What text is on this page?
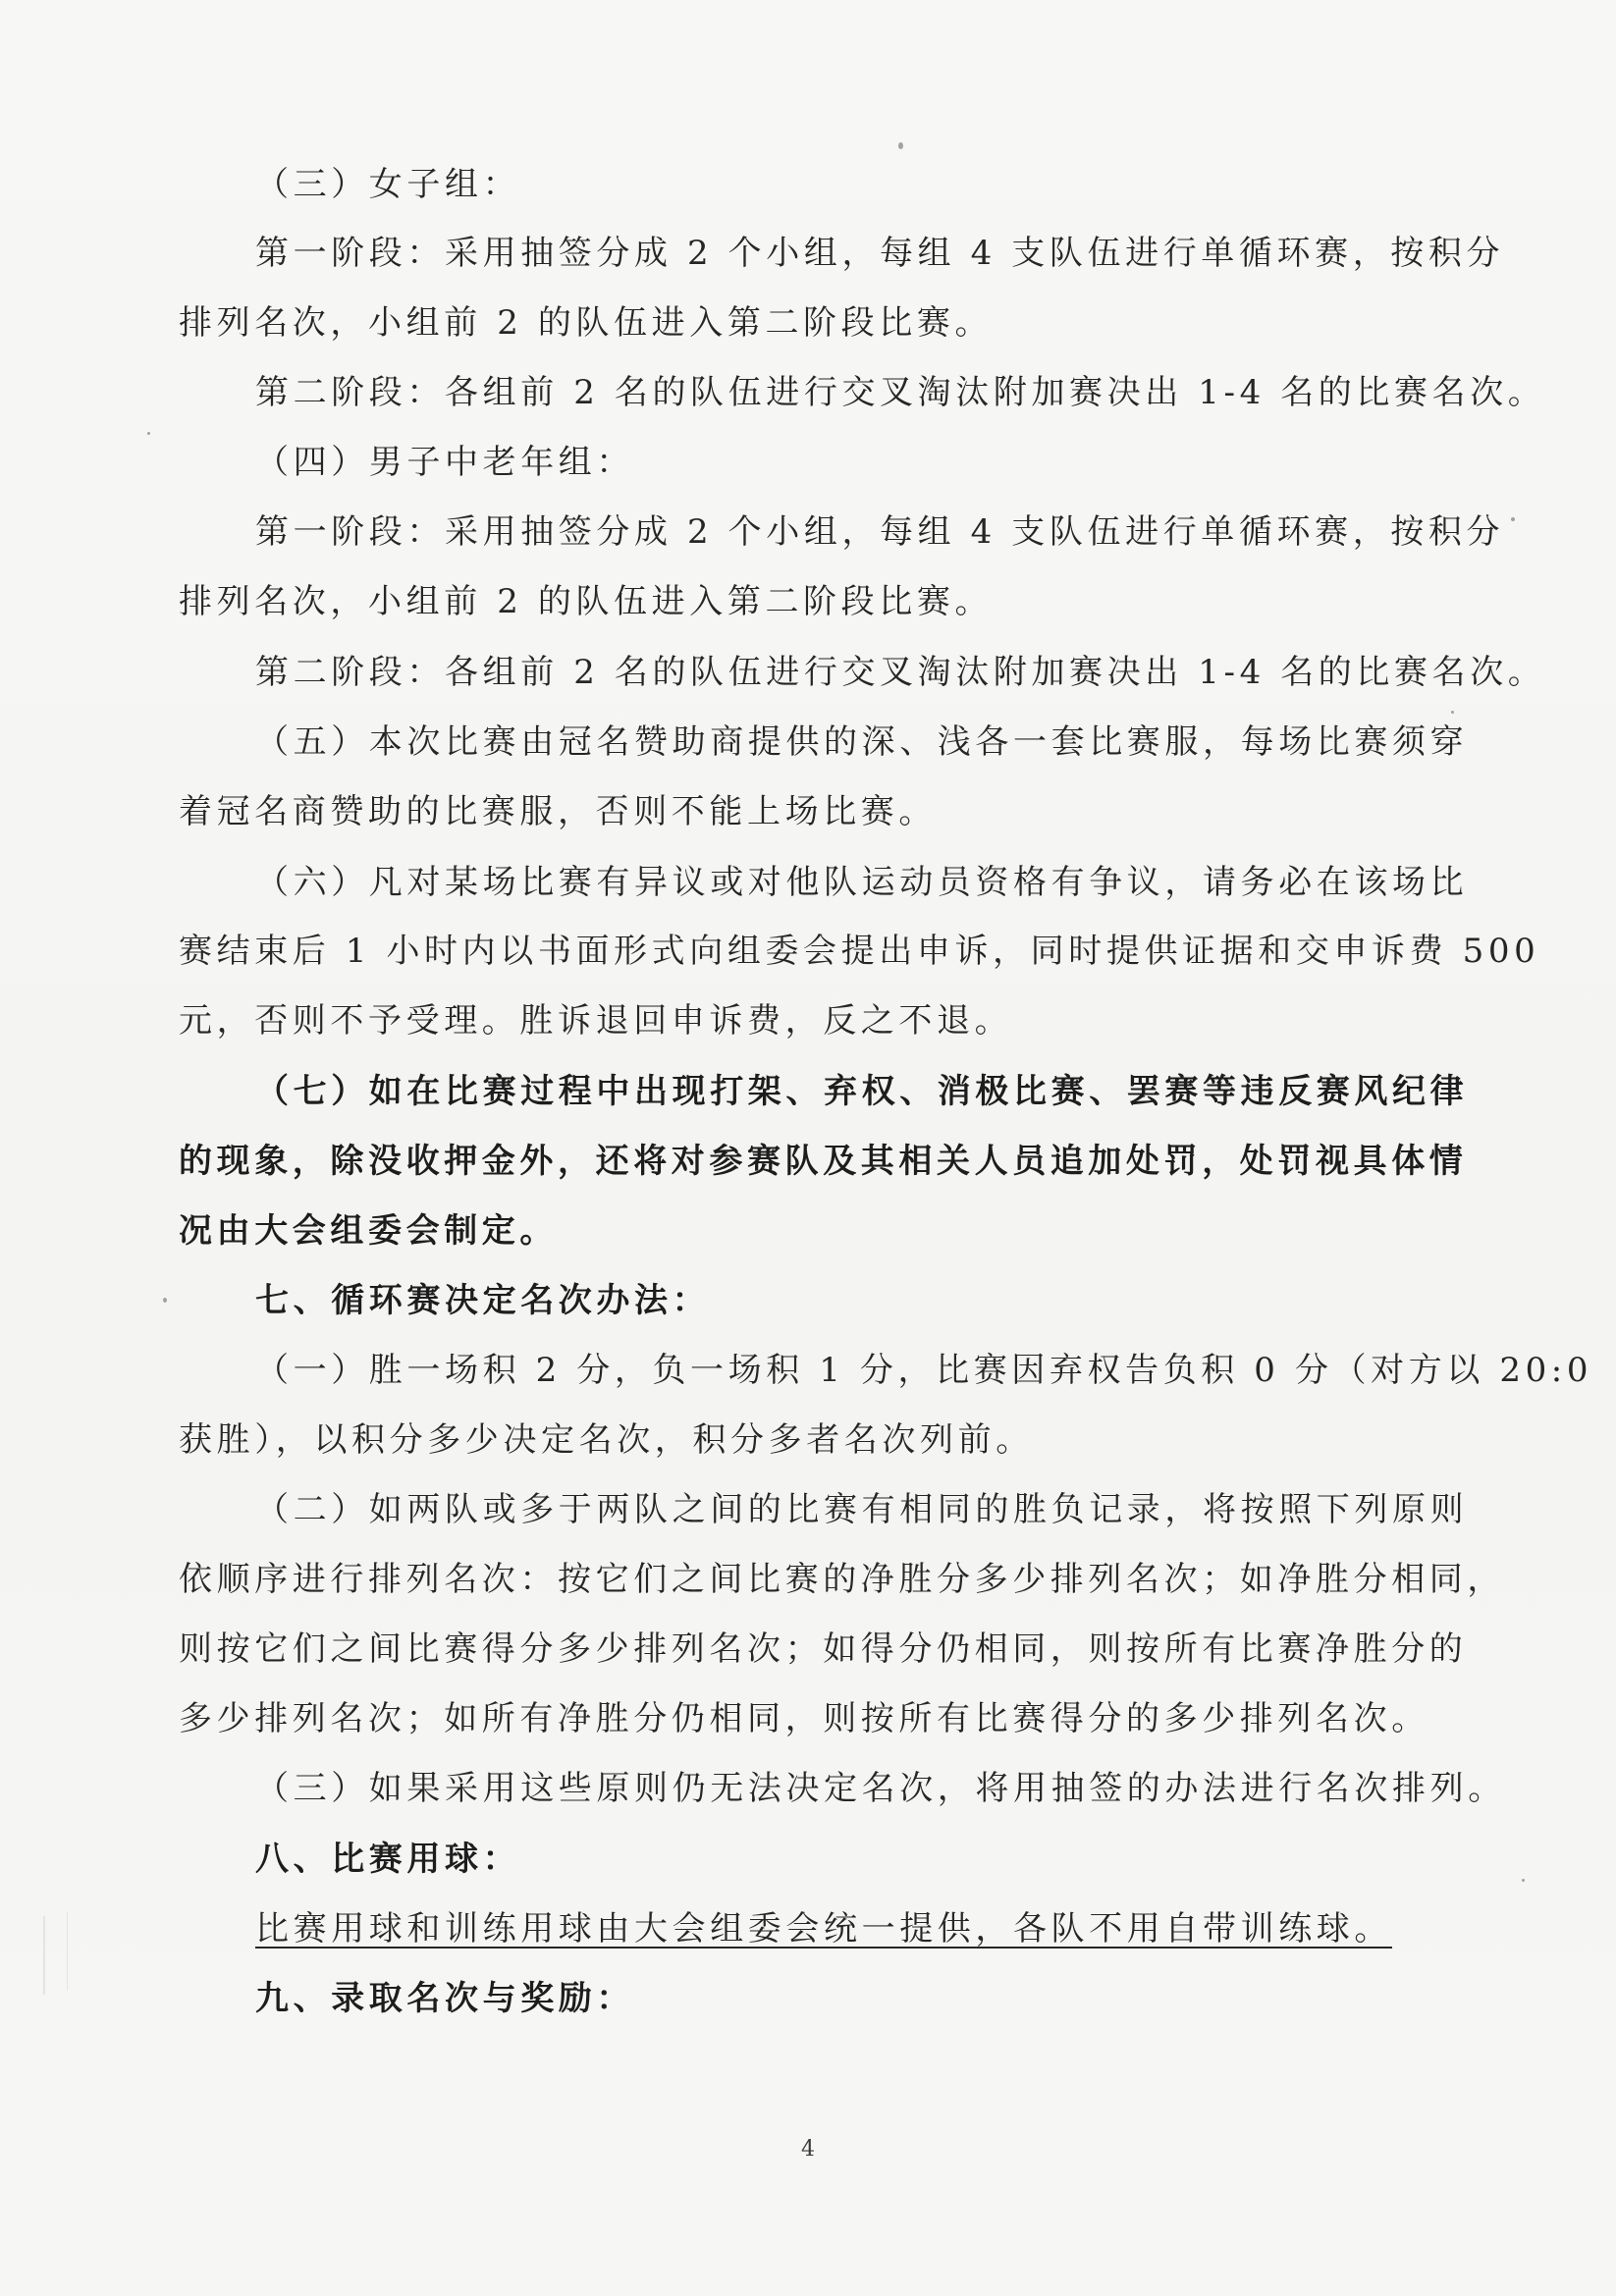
（三）女子组：
第一阶段：采用抽签分成 2 个小组，每组 4 支队伍进行单循环赛，按积分
排列名次，小组前 2 的队伍进入第二阶段比赛。
第二阶段：各组前 2 名的队伍进行交叉淘汰附加赛决出 1-4 名的比赛名次。
（四）男子中老年组：
第一阶段：采用抽签分成 2 个小组，每组 4 支队伍进行单循环赛，按积分
排列名次，小组前 2 的队伍进入第二阶段比赛。
第二阶段：各组前 2 名的队伍进行交叉淘汰附加赛决出 1-4 名的比赛名次。
（五）本次比赛由冠名赞助商提供的深、浅各一套比赛服，每场比赛须穿
着冠名商赞助的比赛服，否则不能上场比赛。
（六）凡对某场比赛有异议或对他队运动员资格有争议，请务必在该场比
赛结束后 1 小时内以书面形式向组委会提出申诉，同时提供证据和交申诉费 500
元，否则不予受理。胜诉退回申诉费，反之不退。
（七）如在比赛过程中出现打架、弃权、消极比赛、罢赛等违反赛风纪律
的现象，除没收押金外，还将对参赛队及其相关人员追加处罚，处罚视具体情
况由大会组委会制定。
七、循环赛决定名次办法：
（一）胜一场积 2 分，负一场积 1 分，比赛因弃权告负积 0 分（对方以 20:0
获胜），以积分多少决定名次，积分多者名次列前。
（二）如两队或多于两队之间的比赛有相同的胜负记录，将按照下列原则
依顺序进行排列名次：按它们之间比赛的净胜分多少排列名次；如净胜分相同，
则按它们之间比赛得分多少排列名次；如得分仍相同，则按所有比赛净胜分的
多少排列名次；如所有净胜分仍相同，则按所有比赛得分的多少排列名次。
（三）如果采用这些原则仍无法决定名次，将用抽签的办法进行名次排列。
八、比赛用球：
比赛用球和训练用球由大会组委会统一提供，各队不用自带训练球。
九、录取名次与奖励：
4
